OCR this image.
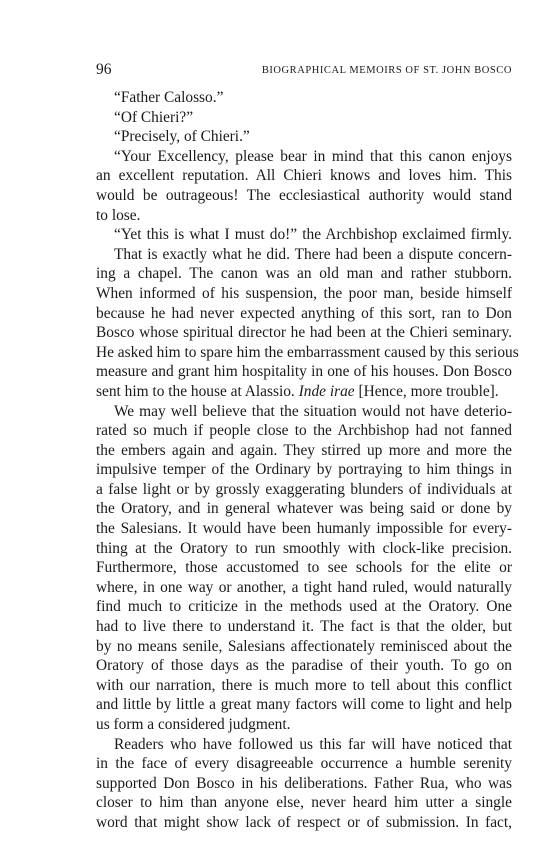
96	BIOGRAPHICAL MEMOIRS OF ST. JOHN BOSCO
“Father Calosso.”
“Of Chieri?”
“Precisely, of Chieri.”
“Your Excellency, please bear in mind that this canon enjoys
an excellent reputation. All Chieri knows and loves him. This
would be outrageous! The ecclesiastical authority would stand
to lose.
“Yet this is what I must do!” the Archbishop exclaimed firmly.
That is exactly what he did. There had been a dispute concern-
ing a chapel. The canon was an old man and rather stubborn.
When informed of his suspension, the poor man, beside himself
because he had never expected anything of this sort, ran to Don
Bosco whose spiritual director he had been at the Chieri seminary.
He asked him to spare him the embarrassment caused by this serious
measure and grant him hospitality in one of his houses. Don Bosco
sent him to the house at Alassio. Inde irae [Hence, more trouble].
We may well believe that the situation would not have deterio-
rated so much if people close to the Archbishop had not fanned
the embers again and again. They stirred up more and more the
impulsive temper of the Ordinary by portraying to him things in
a false light or by grossly exaggerating blunders of individuals at
the Oratory, and in general whatever was being said or done by
the Salesians. It would have been humanly impossible for every-
thing at the Oratory to run smoothly with clock-like precision.
Furthermore, those accustomed to see schools for the elite or
where, in one way or another, a tight hand ruled, would naturally
find much to criticize in the methods used at the Oratory. One
had to live there to understand it. The fact is that the older, but
by no means senile, Salesians affectionately reminisced about the
Oratory of those days as the paradise of their youth. To go on
with our narration, there is much more to tell about this conflict
and little by little a great many factors will come to light and help
us form a considered judgment.
Readers who have followed us this far will have noticed that
in the face of every disagreeable occurrence a humble serenity
supported Don Bosco in his deliberations. Father Rua, who was
closer to him than anyone else, never heard him utter a single
word that might show lack of respect or of submission. In fact,
